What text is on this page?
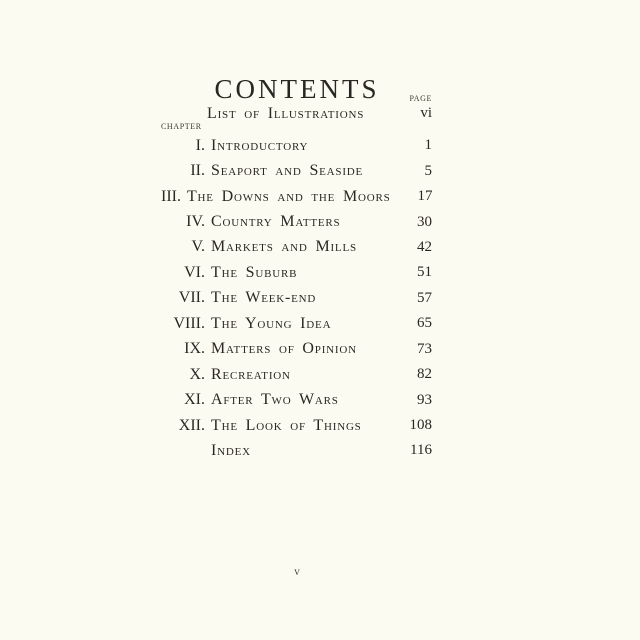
CONTENTS	PAGE
List of Illustrations	vi
CHAPTER
I. Introductory	1
II. Seaport and Seaside	5
III. The Downs and the Moors	17
IV. Country Matters	30
V. Markets and Mills	42
VI. The Suburb	51
VII. The Week-end	57
VIII. The Young Idea	65
IX. Matters of Opinion	73
X. Recreation	82
XI. After Two Wars	93
XII. The Look of Things	108
Index	116
v
